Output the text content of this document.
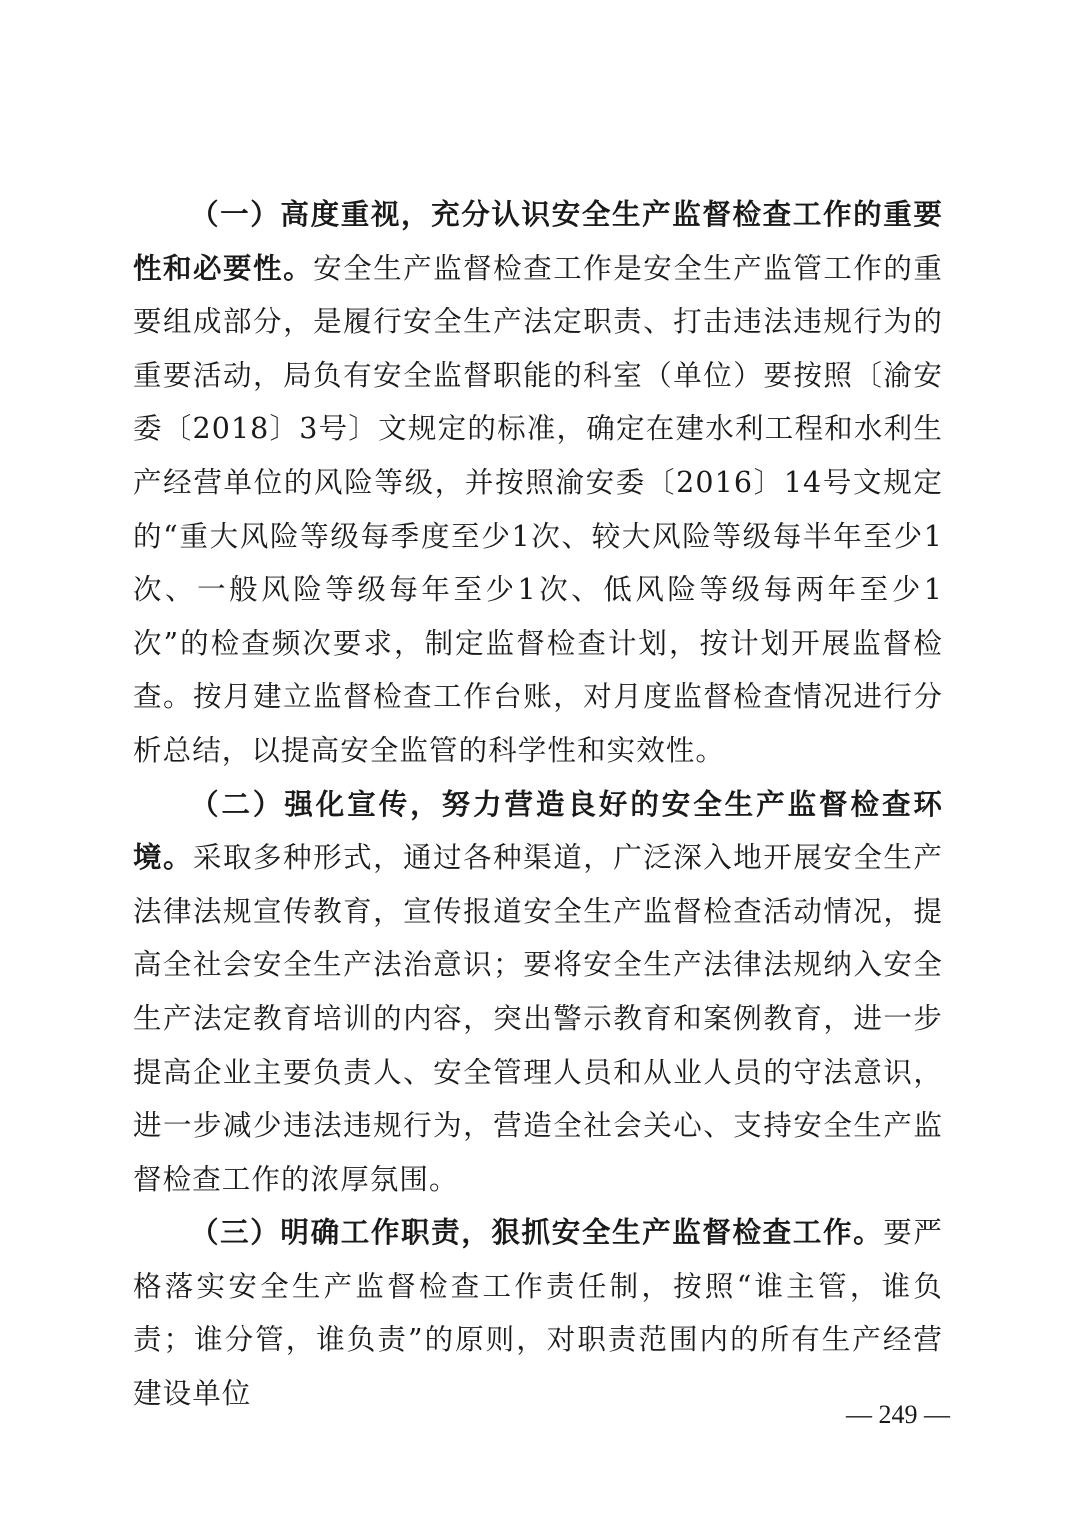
（一）高度重视，充分认识安全生产监督检查工作的重要性和必要性。安全生产监督检查工作是安全生产监管工作的重要组成部分，是履行安全生产法定职责、打击违法违规行为的重要活动，局负有安全监督职能的科室（单位）要按照〔渝安委〔2018〕3号〕文规定的标准，确定在建水利工程和水利生产经营单位的风险等级，并按照渝安委〔2016〕14号文规定的“重大风险等级每季度至少1次、较大风险等级每半年至少1次、一般风险等级每年至少1次、低风险等级每两年至少1次”的检查频次要求，制定监督检查计划，按计划开展监督检查。按月建立监督检查工作台账，对月度监督检查情况进行分析总结，以提高安全监管的科学性和实效性。

（二）强化宣传，努力营造良好的安全生产监督检查环境。采取多种形式，通过各种渠道，广泛深入地开展安全生产法律法规宣传教育，宣传报道安全生产监督检查活动情况，提高全社会安全生产法治意识；要将安全生产法律法规纳入安全生产法定教育培训的内容，突出警示教育和案例教育，进一步提高企业主要负责人、安全管理人员和从业人员的守法意识，进一步减少违法违规行为，营造全社会关心、支持安全生产监督检查工作的浓厚氛围。

（三）明确工作职责，狠抓安全生产监督检查工作。要严格落实安全生产监督检查工作责任制，按照“谁主管，谁负责；谁分管，谁负责”的原则，对职责范围内的所有生产经营建设单位

— 249 —
